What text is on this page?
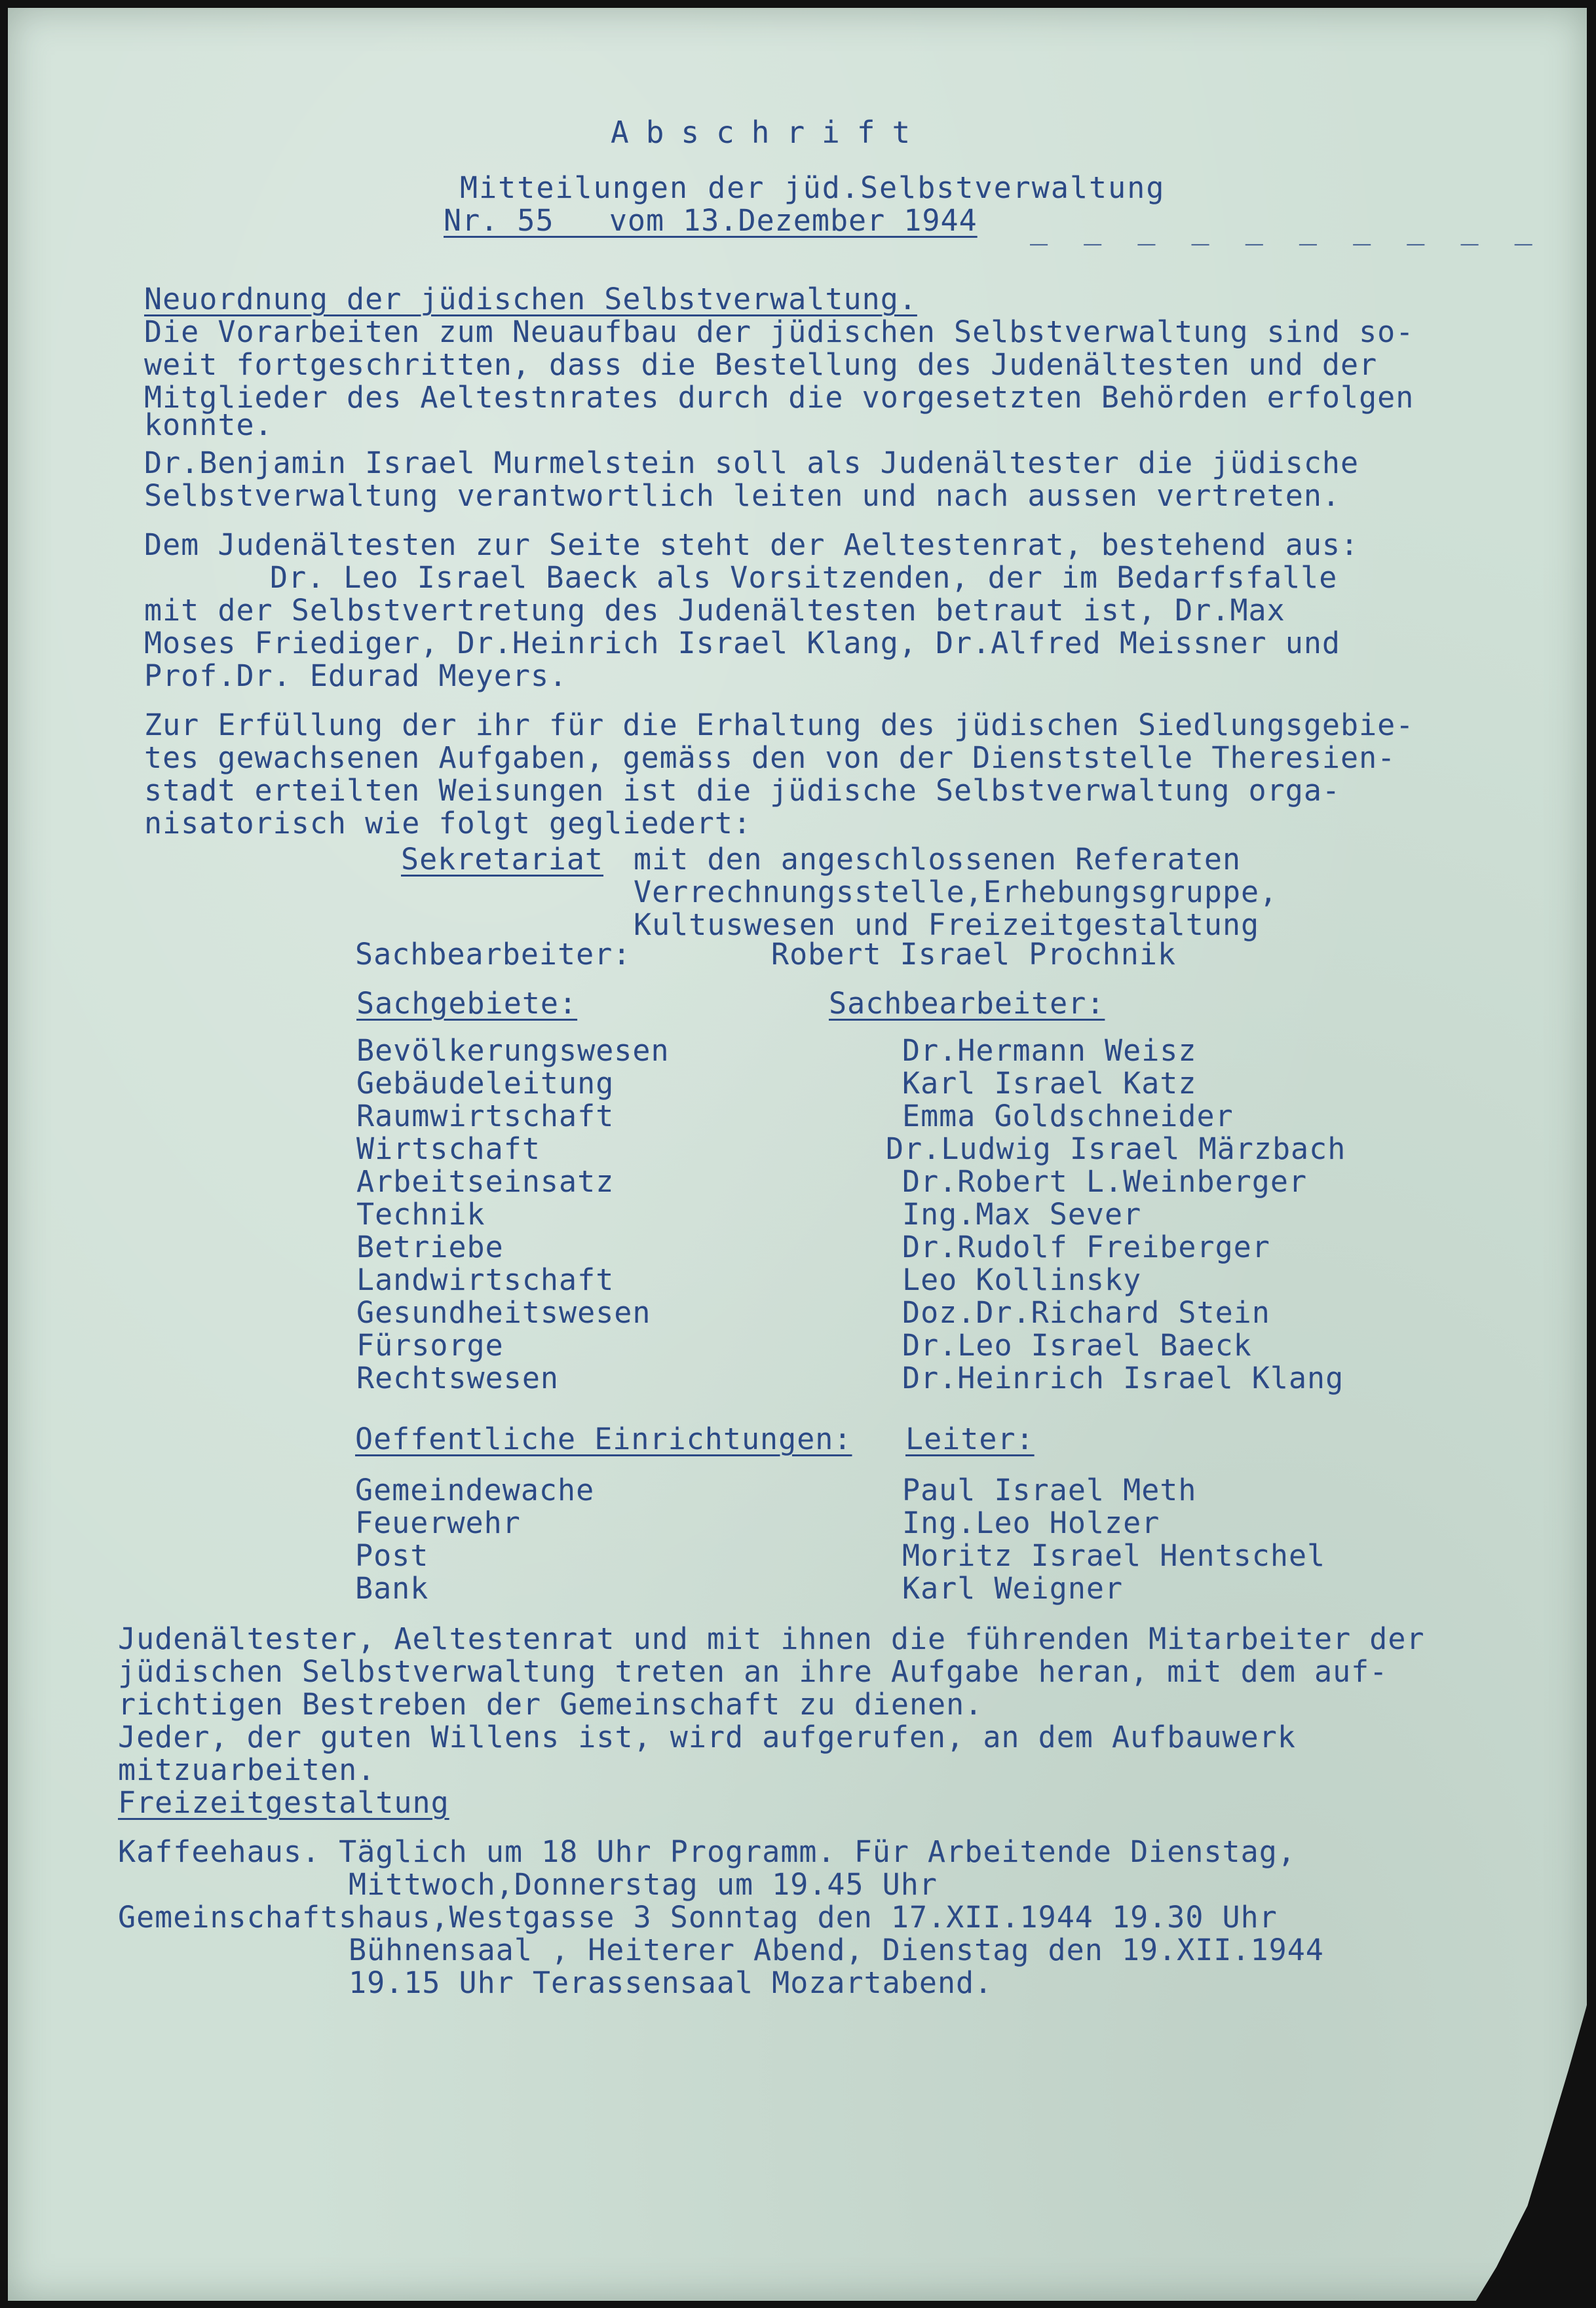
Abschrift
Mitteilungen der jüd.Selbstverwaltung
Nr. 55 _ vom 13.Dezember 1944 _ _ _ _ _ _ _ _ _ _
Neuordnung der jüdischen Selbstverwaltung.
Die Vorarbeiten zum Neuaufbau der jüdischen Selbstverwaltung sind so-
weit fortgeschritten, dass die Bestellung des Judenältesten und der
Mitglieder des Aeltestnrates durch die vorgesetzten Behörden erfolgen
konnte.
Dr.Benjamin Israel Murmelstein soll als Judenältester die jüdische
Selbstverwaltung verantwortlich leiten und nach aussen vertreten.
Dem Judenältesten zur Seite steht der Aeltestenrat, bestehend aus:
Dr. Leo Israel Baeck als Vorsitzenden, der im Bedarfsfalle
mit der Selbstvertretung des Judenältesten betraut ist, Dr.Max
Moses Friediger, Dr.Heinrich Israel Klang, Dr.Alfred Meissner und
Prof.Dr. Edurad Meyers.
Zur Erfüllung der ihr für die Erhaltung des jüdischen Siedlungsgebie-
tes gewachsenen Aufgaben, gemäss den von der Dienststelle Theresien-
stadt erteilten Weisungen ist die jüdische Selbstverwaltung orga-
nisatorisch wie folgt gegliedert:
Sekretariat mit den angeschlossenen Referaten
Verrechnungsstelle,Erhebungsgruppe,
Kultuswesen und Freizeitgestaltung
Sachbearbeiter:	Robert Israel Prochnik
Sachgebiete:	Sachbearbeiter:
Bevölkerungswesen	Dr.Hermann Weisz
Gebäudeleitung	Karl Israel Katz
Raumwirtschaft	Emma Goldschneider
Wirtschaft	Dr.Ludwig Israel Märzbach
Arbeitseinsatz	Dr.Robert L.Weinberger
Technik	Ing.Max Sever
Betriebe	Dr.Rudolf Freiberger
Landwirtschaft	Leo Kollinsky
Gesundheitswesen	Doz.Dr.Richard Stein
Fürsorge	Dr.Leo Israel Baeck
Rechtswesen	Dr.Heinrich Israel Klang
Oeffentliche Einrichtungen: Leiter:
Gemeindewache	Paul Israel Meth
Feuerwehr	Ing.Leo Holzer
Post	Moritz Israel Hentschel
Bank	Karl Weigner
Judenältester, Aeltestenrat und mit ihnen die führenden Mitarbeiter der
jüdischen Selbstverwaltung treten an ihre Aufgabe heran, mit dem auf-
richtigen Bestreben der Gemeinschaft zu dienen.
Jeder, der guten Willens ist, wird aufgerufen, an dem Aufbauwerk
mitzuarbeiten.
Freizeitgestaltung
Kaffeehaus. Täglich um 18 Uhr Programm. Für Arbeitende Dienstag,
Mittwoch,Donnerstag um 19.45 Uhr
Gemeinschaftshaus,Westgasse 3 Sonntag den 17.XII.1944 19.30 Uhr
Bühnensaal , Heiterer Abend, Dienstag den 19.XII.1944
19.15 Uhr Terassensaal Mozartabend.
